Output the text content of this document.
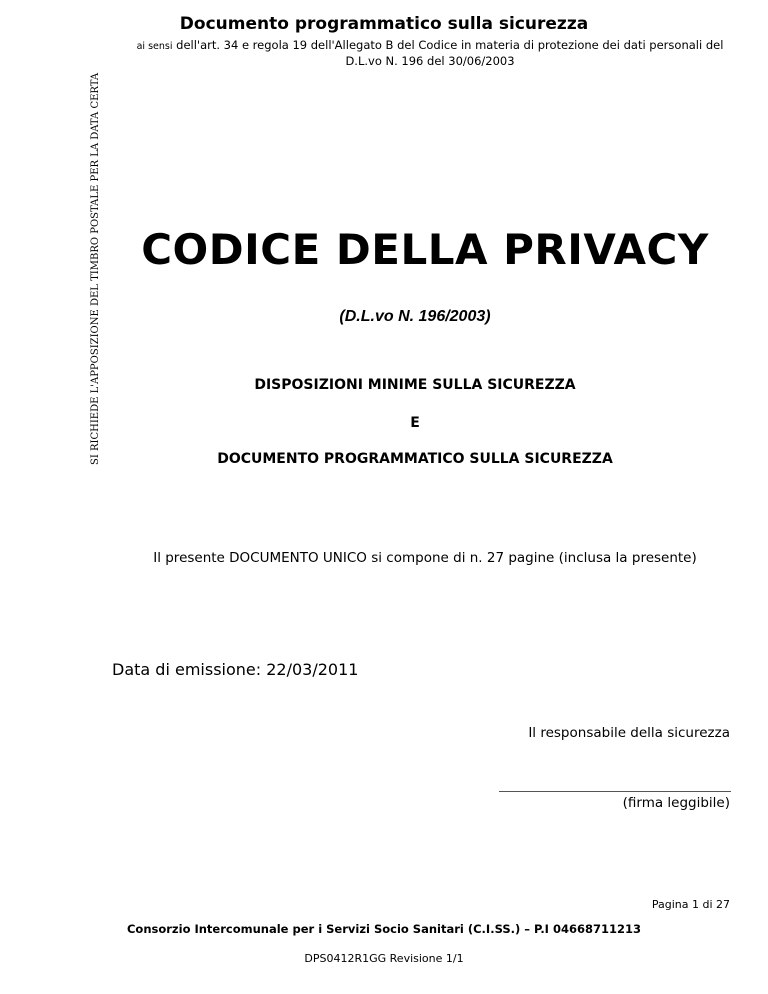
Documento programmatico sulla sicurezza
ai sensi dell'art. 34 e regola 19 dell'Allegato B del Codice in materia di protezione dei dati personali del
D.L.vo N. 196 del 30/06/2003
SI RICHIEDE L'APPOSIZIONE DEL TIMBRO POSTALE PER LA DATA CERTA CODICE DELLA PRIVACY
(D.L.vo N. 196/2003)
DISPOSIZIONI MINIME SULLA SICUREZZA
E
DOCUMENTO PROGRAMMATICO SULLA SICUREZZA
Il presente DOCUMENTO UNICO si compone di n. 27 pagine (inclusa la presente)
Data di emissione: 22/03/2011
Il responsabile della sicurezza
(firma leggibile)
Pagina 1 di 27
Consorzio Intercomunale per i Servizi Socio Sanitari (C.I.SS.) – P.I 04668711213
DPS0412R1GG Revisione 1/1
